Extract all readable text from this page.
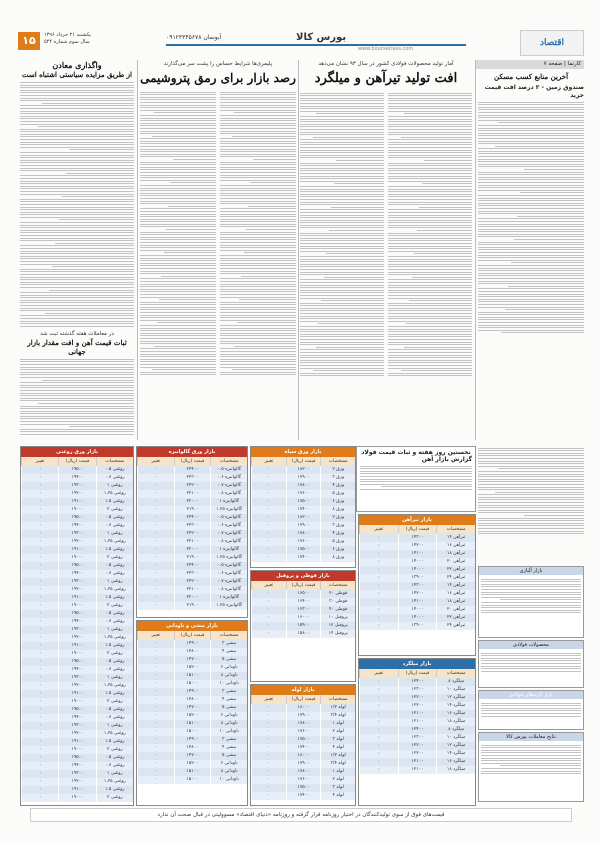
۱۵	یکشنبه ۲۱ خرداد ۱۳۹۶
سال سوم شماره ۵۴۴
آبونمان ۰۹۱۲۳۳۴۵۶۷۸	بورس کالا
www.bourseclass.com
اقتصاد
کارنما | صفحه ۷
آخرین منابع کسب مسکن
صندوق زمین - ۲ درصد افت قیمت خرید
آمار تولید محصولات فولادی کشور در سال ۹۳ نشان می‌دهد
افت تولید تیرآهن و میلگرد
پلیمری‌ها شرایط حساس را پشت سر می‌گذارند
رصد بازار برای رمق پتروشیمی
واگذاری معادن
از طریق مزایده سیاستی اشتباه است
در معاملات هفته گذشته ثبت شد
ثبات قیمت آهن و افت مقدار بازار جهانی
بازار آلیاژی
محصولات فولادی
بازار گریدهای فولادی
نتایج معاملات بورس کالا
نخستین روز هفته و ثبات قیمت فولاد
گزارش بازار آهن
بازار تیرآهن
مشخصات
قیمت (ریال)
تغییر
تیرآهن ۱۴
۱۴۳۰۰
۰
تیرآهن ۱۶
۱۴۲۰۰
۰
تیرآهن ۱۸
۱۴۱۰۰
۰
تیرآهن ۲۰
۱۴۰۰۰
۰
تیرآهن ۲۲
۱۴۰۰۰
۰
تیرآهن ۲۴
۱۳۹۰۰
۰
تیرآهن ۱۴
۱۴۳۰۰
۰
تیرآهن ۱۶
۱۴۲۰۰
۰
تیرآهن ۱۸
۱۴۱۰۰
۰
تیرآهن ۲۰
۱۴۰۰۰
۰
تیرآهن ۲۲
۱۴۰۰۰
۰
تیرآهن ۲۴
۱۳۹۰۰
۰
بازار میلگرد
مشخصات
قیمت (ریال)
تغییر
میلگرد ۸
۱۲۴۰۰
۰
میلگرد ۱۰
۱۲۳۰۰
۰
میلگرد ۱۲
۱۲۲۰۰
۰
میلگرد ۱۴
۱۲۲۰۰
۰
میلگرد ۱۶
۱۲۱۰۰
۰
میلگرد ۱۸
۱۲۱۰۰
۰
میلگرد ۸
۱۲۴۰۰
۰
میلگرد ۱۰
۱۲۳۰۰
۰
میلگرد ۱۲
۱۲۲۰۰
۰
میلگرد ۱۴
۱۲۲۰۰
۰
میلگرد ۱۶
۱۲۱۰۰
۰
میلگرد ۱۸
۱۲۱۰۰
۰
بازار ورق سیاه
مشخصات
قیمت (ریال)
تغییر
ورق ۲
۱۸۲۰۰
۰
ورق ۳
۱۷۹۰۰
۰
ورق ۴
۱۷۸۰۰
۰
ورق ۵
۱۷۶۰۰
۰
ورق ۶
۱۷۵۰۰
۰
ورق ۸
۱۷۴۰۰
۰
ورق ۲
۱۸۲۰۰
۰
ورق ۳
۱۷۹۰۰
۰
ورق ۴
۱۷۸۰۰
۰
ورق ۵
۱۷۶۰۰
۰
ورق ۶
۱۷۵۰۰
۰
ورق ۸
۱۷۴۰۰
۰
بازار قوطی و پروفیل
مشخصات
قیمت (ریال)
تغییر
قوطی ۲۰
۱۶۵۰۰
۰
قوطی ۳۰
۱۶۴۰۰
۰
قوطی ۴۰
۱۶۳۰۰
۰
پروفیل ۱۰
۱۶۰۰۰
۰
پروفیل ۱۲
۱۵۹۰۰
۰
پروفیل ۱۴
۱۵۸۰۰
۰
بازار لوله
مشخصات
قیمت (ریال)
تغییر
لوله ۱/۲
۱۸۰۰۰
۰
لوله ۳/۴
۱۷۹۰۰
۰
لوله ۱
۱۷۸۰۰
۰
لوله ۲
۱۷۶۰۰
۰
لوله ۳
۱۷۵۰۰
۰
لوله ۴
۱۷۴۰۰
۰
لوله ۱/۲
۱۸۰۰۰
۰
لوله ۳/۴
۱۷۹۰۰
۰
لوله ۱
۱۷۸۰۰
۰
لوله ۲
۱۷۶۰۰
۰
لوله ۳
۱۷۵۰۰
۰
لوله ۴
۱۷۴۰۰
۰
بازار ورق گالوانیزه
مشخصات
قیمت (ریال)
تغییر
گالوانیزه ۰.۵
۲۲۴۰۰
۰
گالوانیزه ۰.۶
۲۲۳۰۰
۰
گالوانیزه ۰.۷
۲۲۲۰۰
۰
گالوانیزه ۰.۸
۲۲۱۰۰
۰
گالوانیزه ۱
۲۲۰۰۰
۰
گالوانیزه ۱.۲۵
۲۱۹۰۰
۰
گالوانیزه ۰.۵
۲۲۴۰۰
۰
گالوانیزه ۰.۶
۲۲۳۰۰
۰
گالوانیزه ۰.۷
۲۲۲۰۰
۰
گالوانیزه ۰.۸
۲۲۱۰۰
۰
گالوانیزه ۱
۲۲۰۰۰
۰
گالوانیزه ۱.۲۵
۲۱۹۰۰
۰
گالوانیزه ۰.۵
۲۲۴۰۰
۰
گالوانیزه ۰.۶
۲۲۳۰۰
۰
گالوانیزه ۰.۷
۲۲۲۰۰
۰
گالوانیزه ۰.۸
۲۲۱۰۰
۰
گالوانیزه ۱
۲۲۰۰۰
۰
گالوانیزه ۱.۲۵
۲۱۹۰۰
۰
بازار نبشی و ناودانی
مشخصات
قیمت (ریال)
تغییر
نبشی ۳
۱۴۹۰۰
۰
نبشی ۴
۱۴۸۰۰
۰
نبشی ۵
۱۴۷۰۰
۰
ناودانی ۶
۱۵۲۰۰
۰
ناودانی ۸
۱۵۱۰۰
۰
ناودانی ۱۰
۱۵۰۰۰
۰
نبشی ۳
۱۴۹۰۰
۰
نبشی ۴
۱۴۸۰۰
۰
نبشی ۵
۱۴۷۰۰
۰
ناودانی ۶
۱۵۲۰۰
۰
ناودانی ۸
۱۵۱۰۰
۰
ناودانی ۱۰
۱۵۰۰۰
۰
نبشی ۳
۱۴۹۰۰
۰
نبشی ۴
۱۴۸۰۰
۰
نبشی ۵
۱۴۷۰۰
۰
ناودانی ۶
۱۵۲۰۰
۰
ناودانی ۸
۱۵۱۰۰
۰
ناودانی ۱۰
۱۵۰۰۰
۰
بازار ورق روغنی
مشخصات
قیمت (ریال)
تغییر
روغنی ۰.۵
۱۹۵۰۰
۰
روغنی ۰.۷
۱۹۴۰۰
۰
روغنی ۱
۱۹۳۰۰
۰
روغنی ۱.۲۵
۱۹۲۰۰
۰
روغنی ۱.۵
۱۹۱۰۰
۰
روغنی ۲
۱۹۰۰۰
۰
روغنی ۰.۵
۱۹۵۰۰
۰
روغنی ۰.۷
۱۹۴۰۰
۰
روغنی ۱
۱۹۳۰۰
۰
روغنی ۱.۲۵
۱۹۲۰۰
۰
روغنی ۱.۵
۱۹۱۰۰
۰
روغنی ۲
۱۹۰۰۰
۰
روغنی ۰.۵
۱۹۵۰۰
۰
روغنی ۰.۷
۱۹۴۰۰
۰
روغنی ۱
۱۹۳۰۰
۰
روغنی ۱.۲۵
۱۹۲۰۰
۰
روغنی ۱.۵
۱۹۱۰۰
۰
روغنی ۲
۱۹۰۰۰
۰
روغنی ۰.۵
۱۹۵۰۰
۰
روغنی ۰.۷
۱۹۴۰۰
۰
روغنی ۱
۱۹۳۰۰
۰
روغنی ۱.۲۵
۱۹۲۰۰
۰
روغنی ۱.۵
۱۹۱۰۰
۰
روغنی ۲
۱۹۰۰۰
۰
روغنی ۰.۵
۱۹۵۰۰
۰
روغنی ۰.۷
۱۹۴۰۰
۰
روغنی ۱
۱۹۳۰۰
۰
روغنی ۱.۲۵
۱۹۲۰۰
۰
روغنی ۱.۵
۱۹۱۰۰
۰
روغنی ۲
۱۹۰۰۰
۰
روغنی ۰.۵
۱۹۵۰۰
۰
روغنی ۰.۷
۱۹۴۰۰
۰
روغنی ۱
۱۹۳۰۰
۰
روغنی ۱.۲۵
۱۹۲۰۰
۰
روغنی ۱.۵
۱۹۱۰۰
۰
روغنی ۲
۱۹۰۰۰
۰
روغنی ۰.۵
۱۹۵۰۰
۰
روغنی ۰.۷
۱۹۴۰۰
۰
روغنی ۱
۱۹۳۰۰
۰
روغنی ۱.۲۵
۱۹۲۰۰
۰
روغنی ۱.۵
۱۹۱۰۰
۰
روغنی ۲
۱۹۰۰۰
۰
قیمت‌های فوق از سوی تولیدکنندگان در اختیار روزنامه قرار گرفته و روزنامه «دنیای اقتصاد» مسوولیتی در قبال صحت آن ندارد
